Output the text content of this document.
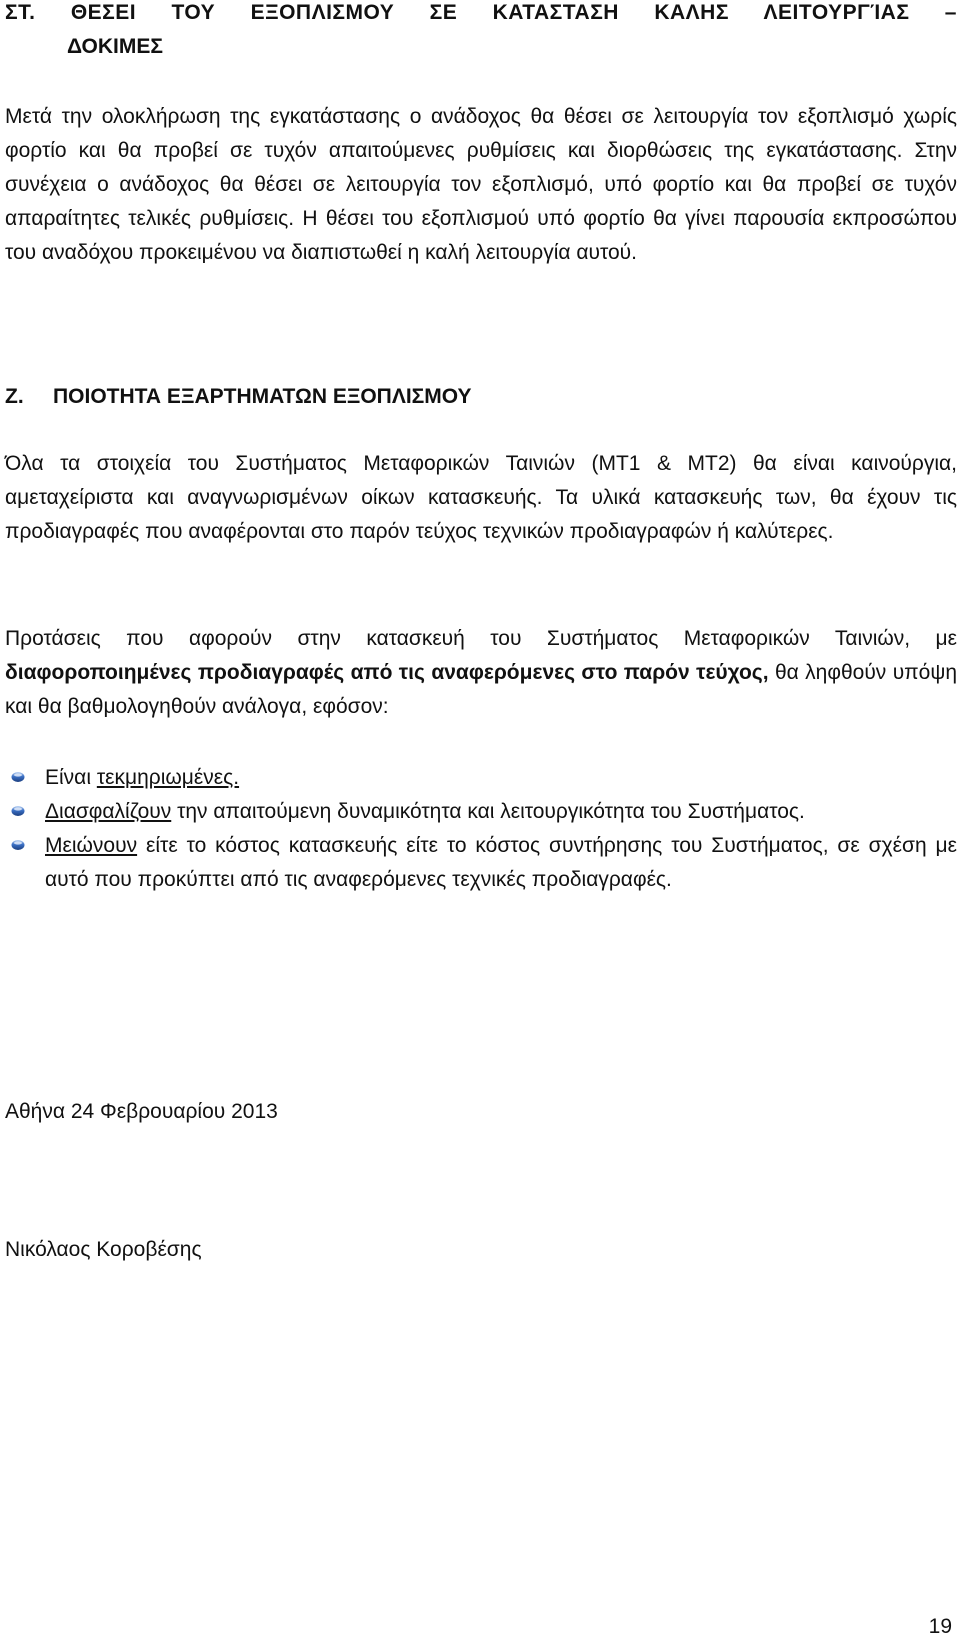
ΣΤ. ΘΕΣΕΙ ΤΟΥ ΕΞΟΠΛΙΣΜΟΥ ΣΕ ΚΑΤΑΣΤΑΣΗ ΚΑΛΗΣ ΛΕΙΤΟΥΡΓΊΑΣ –
ΔΟΚΙΜΕΣ

Μετά την ολοκλήρωση της εγκατάστασης ο ανάδοχος θα θέσει σε λειτουργία τον εξοπλισμό χωρίς φορτίο και θα προβεί σε τυχόν απαιτούμενες ρυθμίσεις και διορθώσεις της εγκατάστασης. Στην συνέχεια ο ανάδοχος θα θέσει σε λειτουργία τον εξοπλισμό, υπό φορτίο και θα προβεί σε τυχόν απαραίτητες τελικές ρυθμίσεις. Η θέσει του εξοπλισμού υπό φορτίο θα γίνει παρουσία εκπροσώπου του αναδόχου προκειμένου να διαπιστωθεί η καλή λειτουργία αυτού.

Ζ. ΠΟΙΟΤΗΤΑ ΕΞΑΡΤΗΜΑΤΩΝ ΕΞΟΠΛΙΣΜΟΥ

Όλα τα στοιχεία του Συστήματος Μεταφορικών Ταινιών (ΜΤ1 & ΜΤ2) θα είναι καινούργια, αμεταχείριστα και αναγνωρισμένων οίκων κατασκευής. Τα υλικά κατασκευής των, θα έχουν τις προδιαγραφές που αναφέρονται στο παρόν τεύχος τεχνικών προδιαγραφών ή καλύτερες.

Προτάσεις που αφορούν στην κατασκευή του Συστήματος Μεταφορικών Ταινιών, με διαφοροποιημένες προδιαγραφές από τις αναφερόμενες στο παρόν τεύχος, θα ληφθούν υπόψη και θα βαθμολογηθούν ανάλογα, εφόσον:

Είναι τεκμηριωμένες.
Διασφαλίζουν την απαιτούμενη δυναμικότητα και λειτουργικότητα του Συστήματος.
Μειώνουν είτε το κόστος κατασκευής είτε το κόστος συντήρησης του Συστήματος, σε σχέση με αυτό που προκύπτει από τις αναφερόμενες τεχνικές προδιαγραφές.

Αθήνα 24 Φεβρουαρίου 2013

Νικόλαος Κοροβέσης

19
